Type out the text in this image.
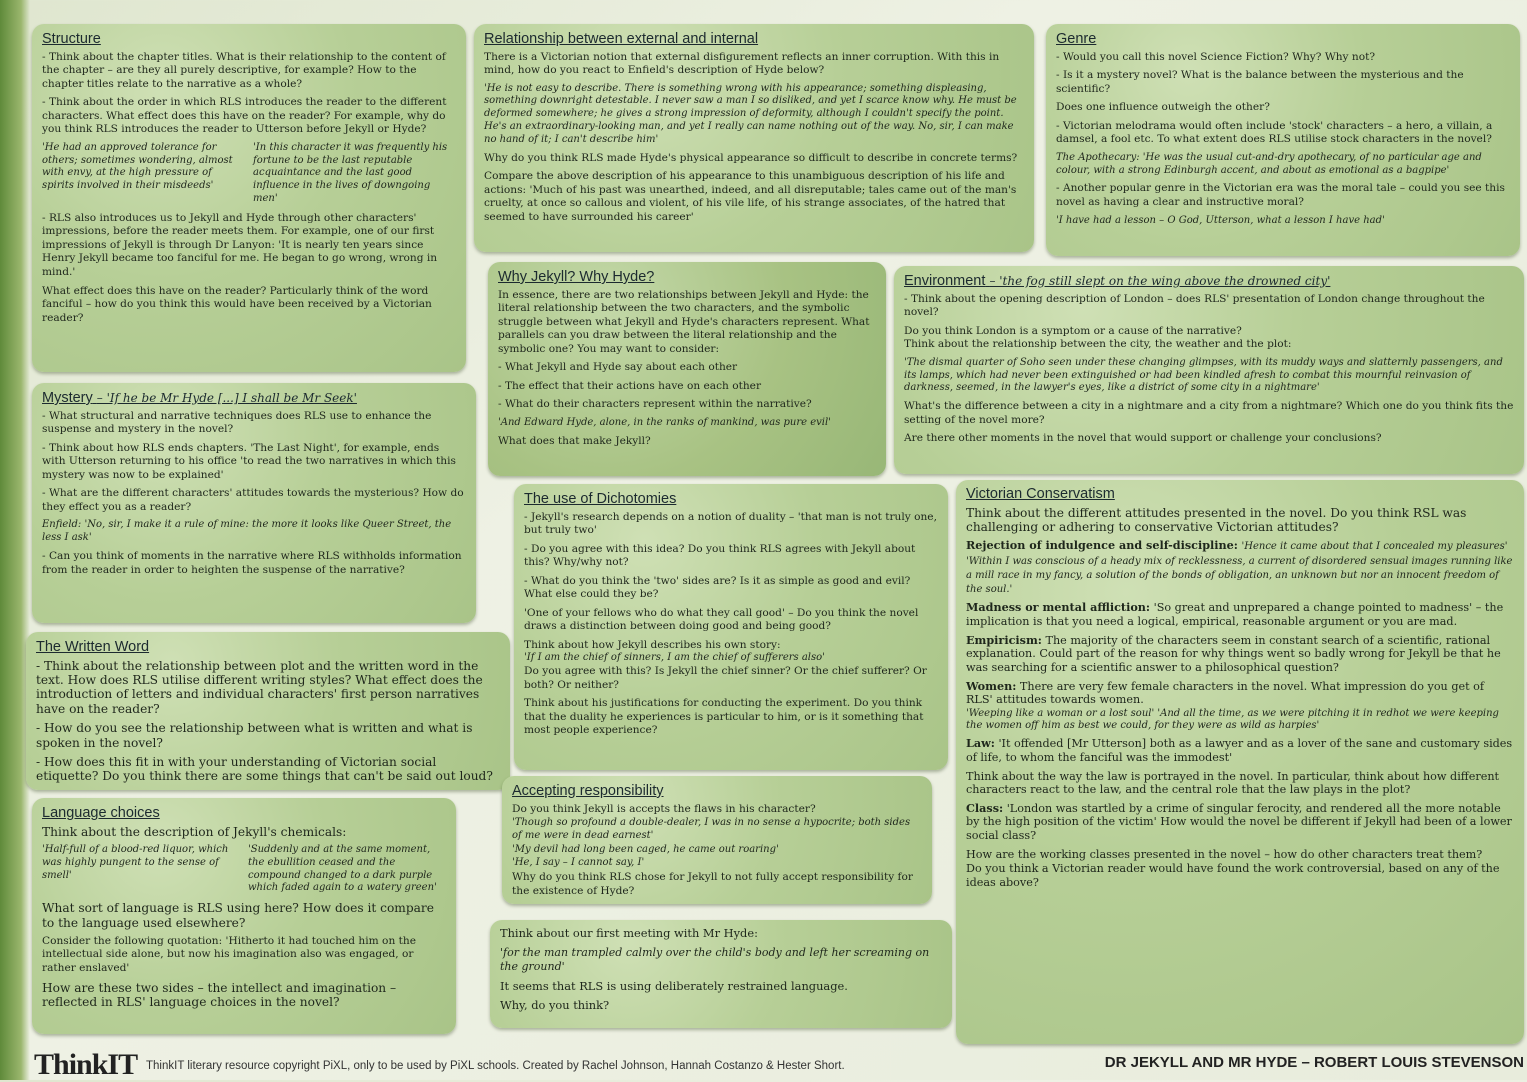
Structure

- Think about the chapter titles. What is their relationship to the content of the chapter – are they all purely descriptive, for example? How to the chapter titles relate to the narrative as a whole?

- Think about the order in which RLS introduces the reader to the different characters. What effect does this have on the reader? For example, why do you think RLS introduces the reader to Utterson before Jekyll or Hyde?

'He had an approved tolerance for others; sometimes wondering, almost with envy, at the high pressure of spirits involved in their misdeeds'
'In this character it was frequently his fortune to be the last reputable acquaintance and the last good influence in the lives of downgoing men'

- RLS also introduces us to Jekyll and Hyde through other characters' impressions, before the reader meets them. For example, one of our first impressions of Jekyll is through Dr Lanyon: 'It is nearly ten years since Henry Jekyll became too fanciful for me. He began to go wrong, wrong in mind.'

What effect does this have on the reader? Particularly think of the word fanciful – how do you think this would have been received by a Victorian reader?

Mystery – 'If he be Mr Hyde [...] I shall be Mr Seek'

- What structural and narrative techniques does RLS use to enhance the suspense and mystery in the novel?

- Think about how RLS ends chapters. 'The Last Night', for example, ends with Utterson returning to his office 'to read the two narratives in which this mystery was now to be explained'

- What are the different characters' attitudes towards the mysterious? How do they effect you as a reader?

Enfield: 'No, sir, I make it a rule of mine: the more it looks like Queer Street, the less I ask'

- Can you think of moments in the narrative where RLS withholds information from the reader in order to heighten the suspense of the narrative?

The Written Word

- Think about the relationship between plot and the written word in the text. How does RLS utilise different writing styles? What effect does the introduction of letters and individual characters' first person narratives have on the reader?

- How do you see the relationship between what is written and what is spoken in the novel?

- How does this fit in with your understanding of Victorian social etiquette? Do you think there are some things that can't be said out loud?

Language choices

Think about the description of Jekyll's chemicals:

'Half-full of a blood-red liquor, which was highly pungent to the sense of smell'
'Suddenly and at the same moment, the ebullition ceased and the compound changed to a dark purple which faded again to a watery green'

What sort of language is RLS using here? How does it compare to the language used elsewhere?

Consider the following quotation: 'Hitherto it had touched him on the intellectual side alone, but now his imagination also was engaged, or rather enslaved'

How are these two sides – the intellect and imagination – reflected in RLS' language choices in the novel?

Relationship between external and internal

There is a Victorian notion that external disfigurement reflects an inner corruption. With this in mind, how do you react to Enfield's description of Hyde below?

'He is not easy to describe. There is something wrong with his appearance; something displeasing, something downright detestable. I never saw a man I so disliked, and yet I scarce know why. He must be deformed somewhere; he gives a strong impression of deformity, although I couldn't specify the point. He's an extraordinary-looking man, and yet I really can name nothing out of the way. No, sir, I can make no hand of it; I can't describe him'

Why do you think RLS made Hyde's physical appearance so difficult to describe in concrete terms?

Compare the above description of his appearance to this unambiguous description of his life and actions: 'Much of his past was unearthed, indeed, and all disreputable; tales came out of the man's cruelty, at once so callous and violent, of his vile life, of his strange associates, of the hatred that seemed to have surrounded his career'

Why Jekyll? Why Hyde?

In essence, there are two relationships between Jekyll and Hyde: the literal relationship between the two characters, and the symbolic struggle between what Jekyll and Hyde's characters represent. What parallels can you draw between the literal relationship and the symbolic one? You may want to consider:

- What Jekyll and Hyde say about each other

- The effect that their actions have on each other

- What do their characters represent within the narrative?

'And Edward Hyde, alone, in the ranks of mankind, was pure evil'

What does that make Jekyll?

The use of Dichotomies

- Jekyll's research depends on a notion of duality – 'that man is not truly one, but truly two'

- Do you agree with this idea? Do you think RLS agrees with Jekyll about this? Why/why not?

- What do you think the 'two' sides are? Is it as simple as good and evil? What else could they be?

'One of your fellows who do what they call good' – Do you think the novel draws a distinction between doing good and being good?

Think about how Jekyll describes his own story:

'If I am the chief of sinners, I am the chief of sufferers also'

Do you agree with this? Is Jekyll the chief sinner? Or the chief sufferer? Or both? Or neither?

Think about his justifications for conducting the experiment. Do you think that the duality he experiences is particular to him, or is it something that most people experience?

Accepting responsibility

Do you think Jekyll is accepts the flaws in his character?

'Though so profound a double-dealer, I was in no sense a hypocrite; both sides of me were in dead earnest'

'My devil had long been caged, he came out roaring'

'He, I say – I cannot say, I'

Why do you think RLS chose for Jekyll to not fully accept responsibility for the existence of Hyde?

Think about our first meeting with Mr Hyde:

'for the man trampled calmly over the child's body and left her screaming on the ground'

It seems that RLS is using deliberately restrained language.

Why, do you think?

Genre

- Would you call this novel Science Fiction? Why? Why not?

- Is it a mystery novel? What is the balance between the mysterious and the scientific?

Does one influence outweigh the other?

- Victorian melodrama would often include 'stock' characters – a hero, a villain, a damsel, a fool etc. To what extent does RLS utilise stock characters in the novel?

The Apothecary: 'He was the usual cut-and-dry apothecary, of no particular age and colour, with a strong Edinburgh accent, and about as emotional as a bagpipe'

- Another popular genre in the Victorian era was the moral tale – could you see this novel as having a clear and instructive moral?

'I have had a lesson – O God, Utterson, what a lesson I have had'

Environment – 'the fog still slept on the wing above the drowned city'

- Think about the opening description of London – does RLS' presentation of London change throughout the novel?

Do you think London is a symptom or a cause of the narrative?

Think about the relationship between the city, the weather and the plot:

'The dismal quarter of Soho seen under these changing glimpses, with its muddy ways and slatternly passengers, and its lamps, which had never been extinguished or had been kindled afresh to combat this mournful reinvasion of darkness, seemed, in the lawyer's eyes, like a district of some city in a nightmare'

What's the difference between a city in a nightmare and a city from a nightmare? Which one do you think fits the setting of the novel more?

Are there other moments in the novel that would support or challenge your conclusions?

Victorian Conservatism

Think about the different attitudes presented in the novel. Do you think RSL was challenging or adhering to conservative Victorian attitudes?

Rejection of indulgence and self-discipline: 'Hence it came about that I concealed my pleasures' 'Within I was conscious of a heady mix of recklessness, a current of disordered sensual images running like a mill race in my fancy, a solution of the bonds of obligation, an unknown but nor an innocent freedom of the soul.'

Madness or mental affliction: 'So great and unprepared a change pointed to madness' – the implication is that you need a logical, empirical, reasonable argument or you are mad.

Empiricism: The majority of the characters seem in constant search of a scientific, rational explanation. Could part of the reason for why things went so badly wrong for Jekyll be that he was searching for a scientific answer to a philosophical question?

Women: There are very few female characters in the novel. What impression do you get of RLS' attitudes towards women.

'Weeping like a woman or a lost soul' 'And all the time, as we were pitching it in redhot we were keeping the women off him as best we could, for they were as wild as harpies'

Law: 'It offended [Mr Utterson] both as a lawyer and as a lover of the sane and customary sides of life, to whom the fanciful was the immodest'

Think about the way the law is portrayed in the novel. In particular, think about how different characters react to the law, and the central role that the law plays in the plot?

Class: 'London was startled by a crime of singular ferocity, and rendered all the more notable by the high position of the victim' How would the novel be different if Jekyll had been of a lower social class?

How are the working classes presented in the novel – how do other characters treat them?

Do you think a Victorian reader would have found the work controversial, based on any of the ideas above?

ThinkIT ThinkIT literary resource copyright PiXL, only to be used by PiXL schools. Created by Rachel Johnson, Hannah Costanzo & Hester Short.	DR JEKYLL AND MR HYDE – ROBERT LOUIS STEVENSON
